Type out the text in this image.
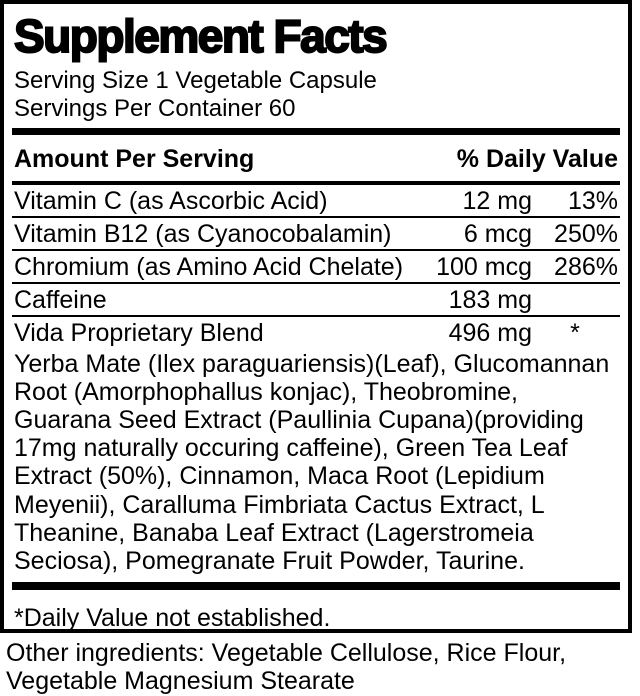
Supplement Facts
Serving Size 1 Vegetable Capsule
Servings Per Container 60
Amount Per Serving	% Daily Value
Vitamin C (as Ascorbic Acid)	12 mg	13%
Vitamin B12 (as Cyanocobalamin)	6 mcg 250%
Chromium (as Amino Acid Chelate)	100 mcg 286%
Caffeine	183 mg
Vida Proprietary Blend	496 mg	*
Yerba Mate (Ilex paraguariensis)(Leaf), Glucomannan Root (Amorphophallus konjac), Theobromine, Guarana Seed Extract (Paullinia Cupana)(providing 17mg naturally occuring caffeine), Green Tea Leaf Extract (50%), Cinnamon, Maca Root (Lepidium Meyenii), Caralluma Fimbriata Cactus Extract, L Theanine, Banaba Leaf Extract (Lagerstromeia Seciosa), Pomegranate Fruit Powder, Taurine.
*Daily Value not established.
Other ingredients: Vegetable Cellulose, Rice Flour, Vegetable Magnesium Stearate
